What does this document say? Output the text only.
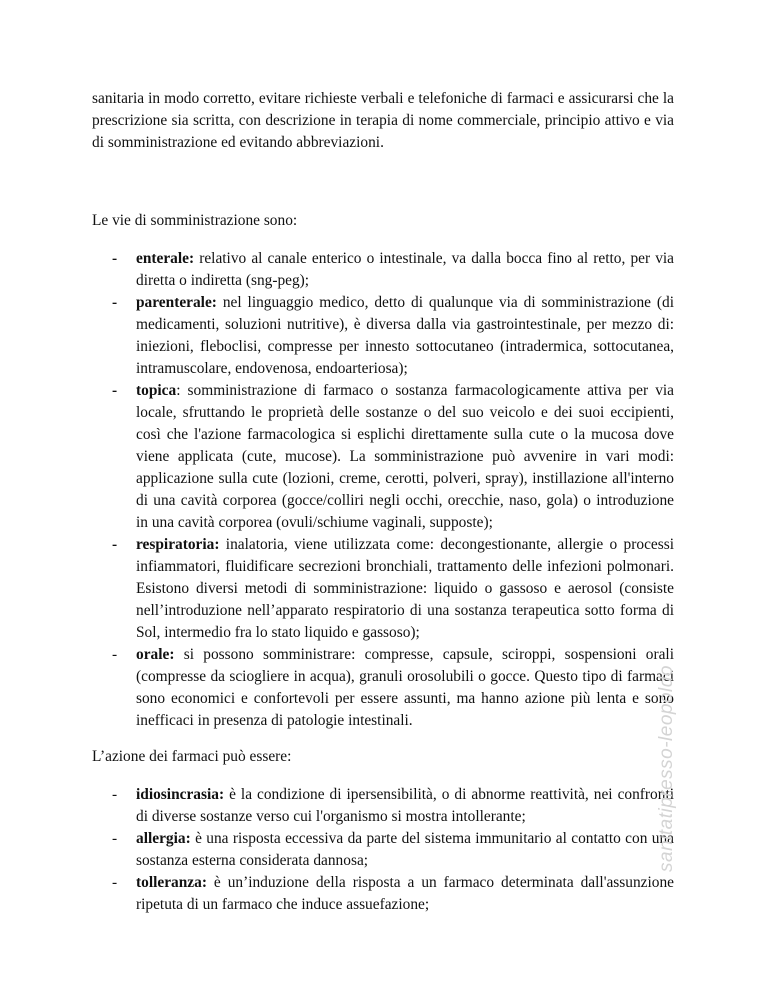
sanitaria in modo corretto, evitare richieste verbali e telefoniche di farmaci e assicurarsi che la prescrizione sia scritta, con descrizione in terapia di nome commerciale, principio attivo e via di somministrazione ed evitando abbreviazioni.

Le vie di somministrazione sono:

-	enterale: relativo al canale enterico o intestinale, va dalla bocca fino al retto, per via diretta o indiretta (sng-peg);
-	parenterale: nel linguaggio medico, detto di qualunque via di somministrazione (di medicamenti, soluzioni nutritive), è diversa dalla via gastrointestinale, per mezzo di: iniezioni, fleboclisi, compresse per innesto sottocutaneo (intradermica, sottocutanea, intramuscolare, endovenosa, endoarteriosa);
-	topica: somministrazione di farmaco o sostanza farmacologicamente attiva per via locale, sfruttando le proprietà delle sostanze o del suo veicolo e dei suoi eccipienti, così che l'azione farmacologica si esplichi direttamente sulla cute o la mucosa dove viene applicata (cute, mucose). La somministrazione può avvenire in vari modi: applicazione sulla cute (lozioni, creme, cerotti, polveri, spray), instillazione all'interno di una cavità corporea (gocce/colliri negli occhi, orecchie, naso, gola) o introduzione in una cavità corporea (ovuli/schiume vaginali, supposte);
-	respiratoria: inalatoria, viene utilizzata come: decongestionante, allergie o processi infiammatori, fluidificare secrezioni bronchiali, trattamento delle infezioni polmonari. Esistono diversi metodi di somministrazione: liquido o gassoso e aerosol (consiste nell’introduzione nell’apparato respiratorio di una sostanza terapeutica sotto forma di Sol, intermedio fra lo stato liquido e gassoso);
-	orale: si possono somministrare: compresse, capsule, sciroppi, sospensioni orali (compresse da sciogliere in acqua), granuli orosolubili o gocce. Questo tipo di farmaci sono economici e confortevoli per essere assunti, ma hanno azione più lenta e sono inefficaci in presenza di patologie intestinali.

L’azione dei farmaci può essere:

-	idiosincrasia: è la condizione di ipersensibilità, o di abnorme reattività, nei confronti di diverse sostanze verso cui l'organismo si mostra intollerante;
-	allergia: è una risposta eccessiva da parte del sistema immunitario al contatto con una sostanza esterna considerata dannosa;
-	tolleranza: è un’induzione della risposta a un farmaco determinata dall'assunzione ripetuta di un farmaco che induce assuefazione;
sanitatipresso-leopoldo
